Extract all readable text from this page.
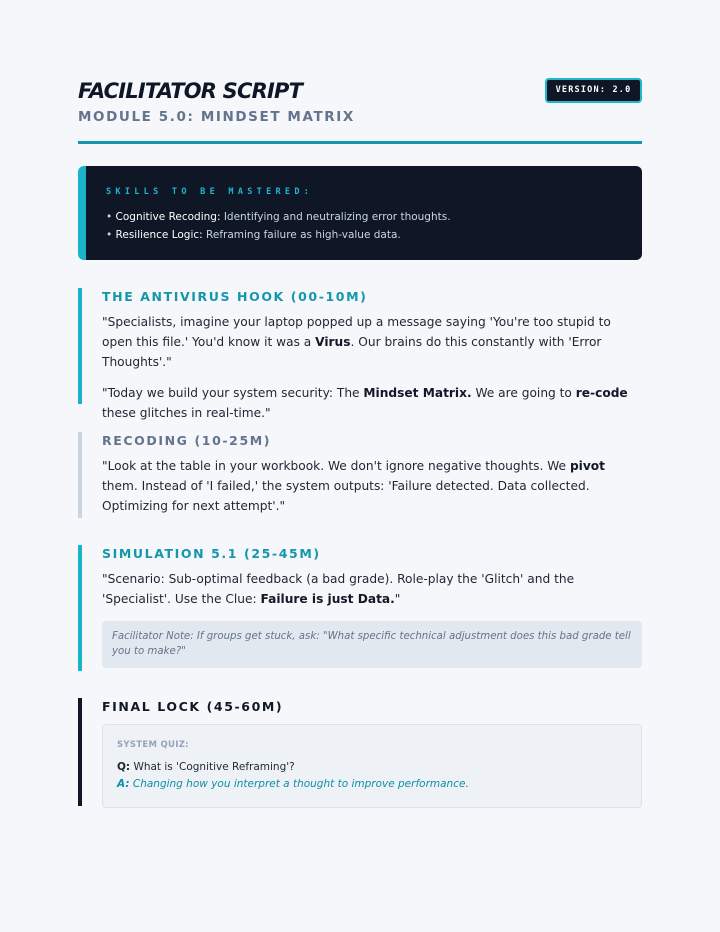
FACILITATOR SCRIPT
MODULE 5.0: MINDSET MATRIX
VERSION: 2.0
SKILLS TO BE MASTERED:
• Cognitive Recoding: Identifying and neutralizing error thoughts.
• Resilience Logic: Reframing failure as high-value data.
THE ANTIVIRUS HOOK (00-10M)
"Specialists, imagine your laptop popped up a message saying 'You're too stupid to open this file.' You'd know it was a Virus. Our brains do this constantly with 'Error Thoughts'."
"Today we build your system security: The Mindset Matrix. We are going to re-code these glitches in real-time."
RECODING (10-25M)
"Look at the table in your workbook. We don't ignore negative thoughts. We pivot them. Instead of 'I failed,' the system outputs: 'Failure detected. Data collected. Optimizing for next attempt'."
SIMULATION 5.1 (25-45M)
"Scenario: Sub-optimal feedback (a bad grade). Role-play the 'Glitch' and the 'Specialist'. Use the Clue: Failure is just Data."
Facilitator Note: If groups get stuck, ask: "What specific technical adjustment does this bad grade tell you to make?"
FINAL LOCK (45-60M)
SYSTEM QUIZ:
Q: What is 'Cognitive Reframing'?
A: Changing how you interpret a thought to improve performance.
